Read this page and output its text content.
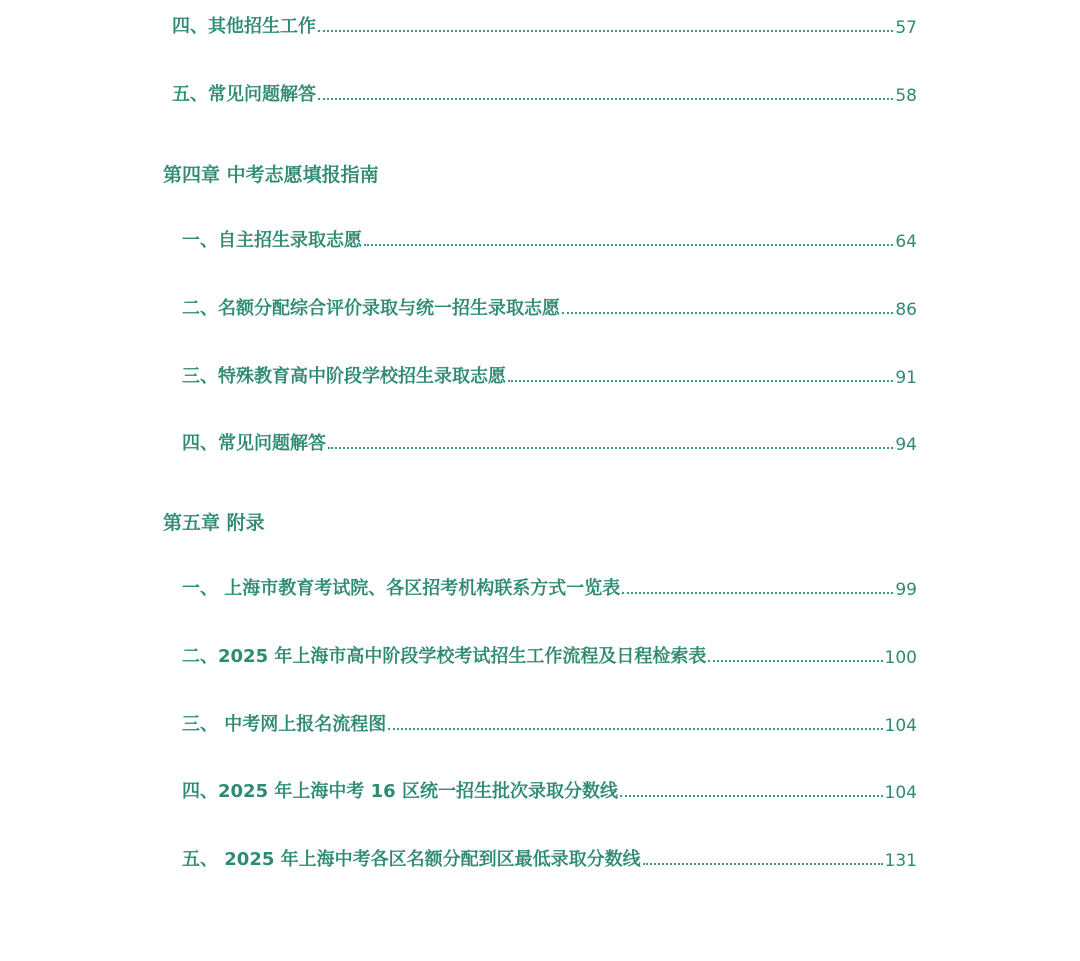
四、其他招生工作	57
五、常见问题解答	58
第四章 中考志愿填报指南
一、自主招生录取志愿	64
二、名额分配综合评价录取与统一招生录取志愿	86
三、特殊教育高中阶段学校招生录取志愿	91
四、常见问题解答	94
第五章 附录
一、 上海市教育考试院、各区招考机构联系方式一览表	99
二、2025 年上海市高中阶段学校考试招生工作流程及日程检索表	100
三、 中考网上报名流程图	104
四、2025 年上海中考 16 区统一招生批次录取分数线	104
五、 2025 年上海中考各区名额分配到区最低录取分数线	131
